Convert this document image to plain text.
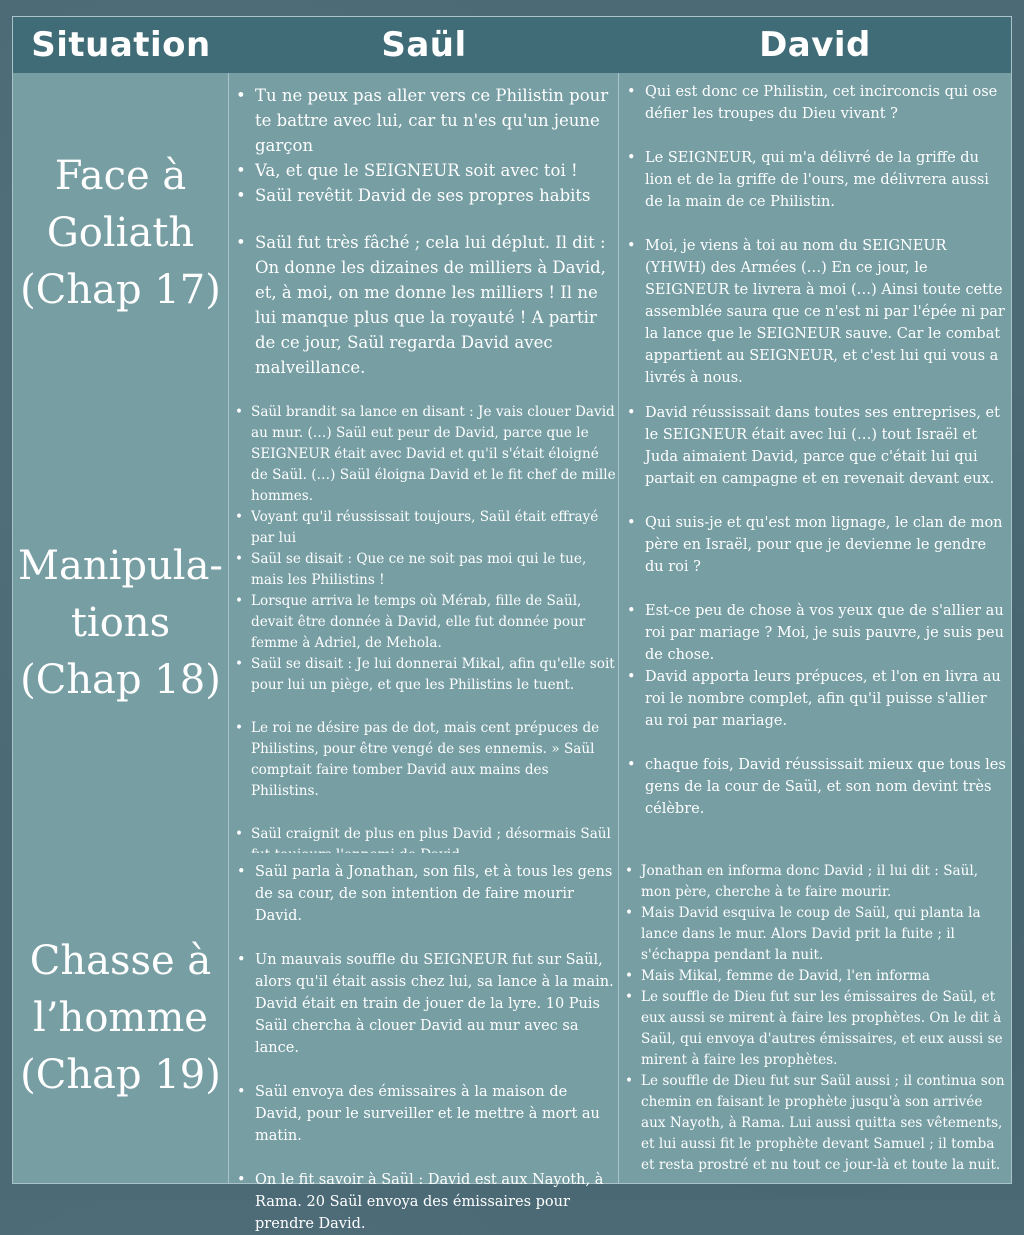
Situation	Saül	David
Face à
Goliath
(Chap 17)
• Tu ne peux pas aller vers ce Philistin pour te battre avec lui, car tu n'es qu'un jeune garçon
• Va, et que le SEIGNEUR soit avec toi !
• Saül revêtit David de ses propres habits
• Saül fut très fâché ; cela lui déplut. Il dit : On donne les dizaines de milliers à David, et, à moi, on me donne les milliers ! Il ne lui manque plus que la royauté ! A partir de ce jour, Saül regarda David avec malveillance.
• Qui est donc ce Philistin, cet incirconcis qui ose défier les troupes du Dieu vivant ?
• Le SEIGNEUR, qui m'a délivré de la griffe du lion et de la griffe de l'ours, me délivrera aussi de la main de ce Philistin.
• Moi, je viens à toi au nom du SEIGNEUR (YHWH) des Armées (…) En ce jour, le SEIGNEUR te livrera à moi (…) Ainsi toute cette assemblée saura que ce n'est ni par l'épée ni par la lance que le SEIGNEUR sauve. Car le combat appartient au SEIGNEUR, et c'est lui qui vous a livrés à nous.
Manipula-
tions
(Chap 18)
• Saül brandit sa lance en disant : Je vais clouer David au mur. (…) Saül eut peur de David, parce que le SEIGNEUR était avec David et qu'il s'était éloigné de Saül. (…) Saül éloigna David et le fit chef de mille hommes.
• Voyant qu'il réussissait toujours, Saül était effrayé par lui
• Saül se disait : Que ce ne soit pas moi qui le tue, mais les Philistins !
• Lorsque arriva le temps où Mérab, fille de Saül, devait être donnée à David, elle fut donnée pour femme à Adriel, de Mehola.
• Saül se disait : Je lui donnerai Mikal, afin qu'elle soit pour lui un piège, et que les Philistins le tuent.
• Le roi ne désire pas de dot, mais cent prépuces de Philistins, pour être vengé de ses ennemis. » Saül comptait faire tomber David aux mains des Philistins.
• Saül craignit de plus en plus David ; désormais Saül
• David réussissait dans toutes ses entreprises, et le SEIGNEUR était avec lui (…) tout Israël et Juda aimaient David, parce que c'était lui qui partait en campagne et en revenait devant eux.
• Qui suis-je et qu'est mon lignage, le clan de mon père en Israël, pour que je devienne le gendre du roi ?
• Est-ce peu de chose à vos yeux que de s'allier au roi par mariage ? Moi, je suis pauvre, je suis peu de chose.
• David apporta leurs prépuces, et l'on en livra au roi le nombre complet, afin qu'il puisse s'allier au roi par mariage.
• chaque fois, David réussissait mieux que tous les gens de la cour de Saül, et son nom devint très célèbre.
Chasse à
l’homme
(Chap 19)
• Saül parla à Jonathan, son fils, et à tous les gens de sa cour, de son intention de faire mourir David.
• Un mauvais souffle du SEIGNEUR fut sur Saül, alors qu'il était assis chez lui, sa lance à la main. David était en train de jouer de la lyre. 10 Puis Saül chercha à clouer David au mur avec sa lance.
• Saül envoya des émissaires à la maison de David, pour le surveiller et le mettre à mort au matin.
• On le fit savoir à Saül : David est aux Nayoth, à Rama. 20 Saül envoya des émissaires pour prendre David.
• Jonathan en informa donc David ; il lui dit : Saül, mon père, cherche à te faire mourir.
• Mais David esquiva le coup de Saül, qui planta la lance dans le mur. Alors David prit la fuite ; il s'échappa pendant la nuit.
• Mais Mikal, femme de David, l'en informa
• Le souffle de Dieu fut sur les émissaires de Saül, et eux aussi se mirent à faire les prophètes. On le dit à Saül, qui envoya d'autres émissaires, et eux aussi se mirent à faire les prophètes.
• Le souffle de Dieu fut sur Saül aussi ; il continua son chemin en faisant le prophète jusqu'à son arrivée aux Nayoth, à Rama. Lui aussi quitta ses vêtements, et lui aussi fit le prophète devant Samuel ; il tomba et resta prostré et nu tout ce jour-là et toute la nuit.
